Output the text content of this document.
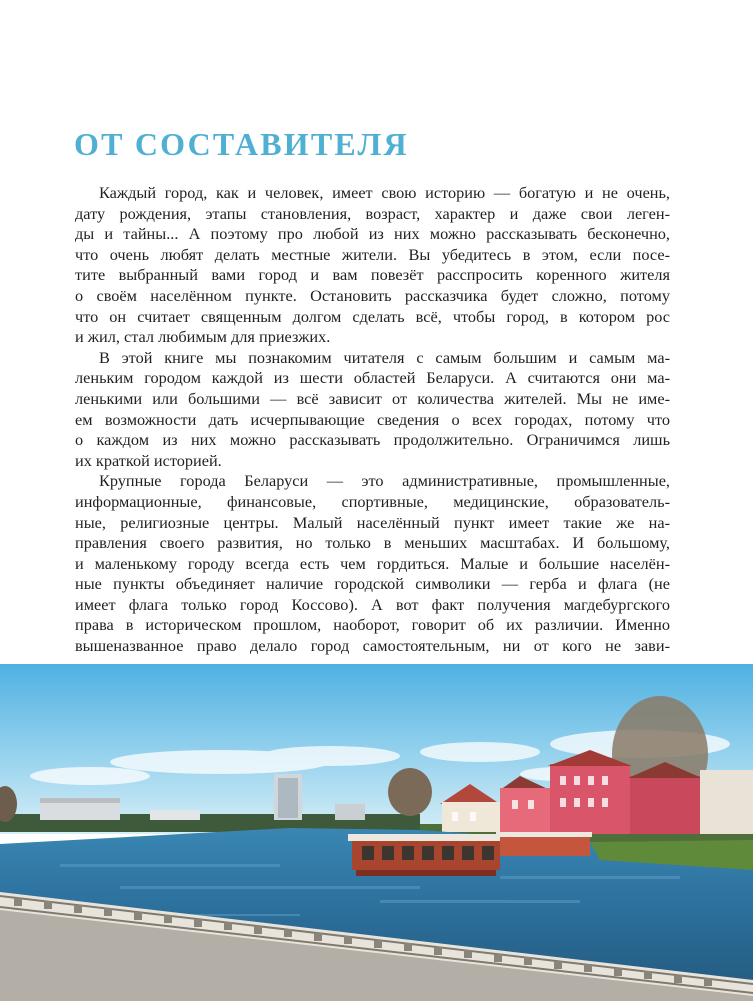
ОТ СОСТАВИТЕЛЯ
Каждый город, как и человек, имеет свою историю — богатую и не очень,
дату рождения, этапы становления, возраст, характер и даже свои леген-
ды и тайны... А поэтому про любой из них можно рассказывать бесконечно,
что очень любят делать местные жители. Вы убедитесь в этом, если посе-
тите выбранный вами город и вам повезёт расспросить коренного жителя
о своём населённом пункте. Остановить рассказчика будет сложно, потому
что он считает священным долгом сделать всё, чтобы город, в котором рос
и жил, стал любимым для приезжих.
В этой книге мы познакомим читателя с самым большим и самым ма-
леньким городом каждой из шести областей Беларуси. А считаются они ма-
ленькими или большими — всё зависит от количества жителей. Мы не име-
ем возможности дать исчерпывающие сведения о всех городах, потому что
о каждом из них можно рассказывать продолжительно. Ограничимся лишь
их краткой историей.
Крупные города Беларуси — это административные, промышленные,
информационные, финансовые, спортивные, медицинские, образователь-
ные, религиозные центры. Малый населённый пункт имеет такие же на-
правления своего развития, но только в меньших масштабах. И большому,
и маленькому городу всегда есть чем гордиться. Малые и большие населён-
ные пункты объединяет наличие городской символики — герба и флага (не
имеет флага только город Коссово). А вот факт получения магдебургского
права в историческом прошлом, наоборот, говорит об их различии. Именно
вышеназванное право делало город самостоятельным, ни от кого не зави-
